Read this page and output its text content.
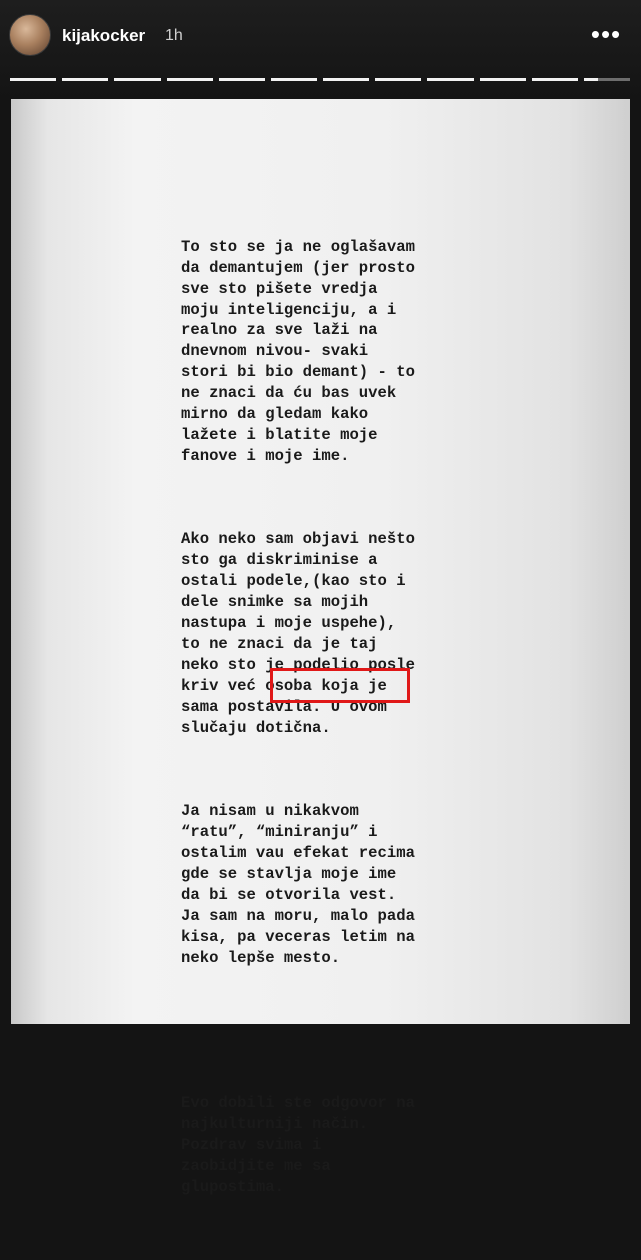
kijakocker 1h	•••

To sto se ja ne oglašavam
da demantujem (jer prosto
sve sto pišete vredja
moju inteligenciju, a i
realno za sve laži na
dnevnom nivou- svaki
stori bi bio demant) - to
ne znaci da ću bas uvek
mirno da gledam kako
lažete i blatite moje
fanove i moje ime.

Ako neko sam objavi nešto
sto ga diskriminise a
ostali podele,(kao sto i
dele snimke sa mojih
nastupa i moje uspehe),
to ne znaci da je taj
neko sto je podelio posle
kriv već osoba koja je
sama postavila. U ovom
slučaju dotična.

Ja nisam u nikakvom
“ratu”, “miniranju” i
ostalim vau efekat recima
gde se stavlja moje ime
da bi se otvorila vest.
Ja sam na moru, malo pada
kisa, pa veceras letim na
neko lepše mesto.

Evo dobili ste odgovor na
najkulturniji način.
Pozdrav svima i
zaobidjite me sa
glupostima.
